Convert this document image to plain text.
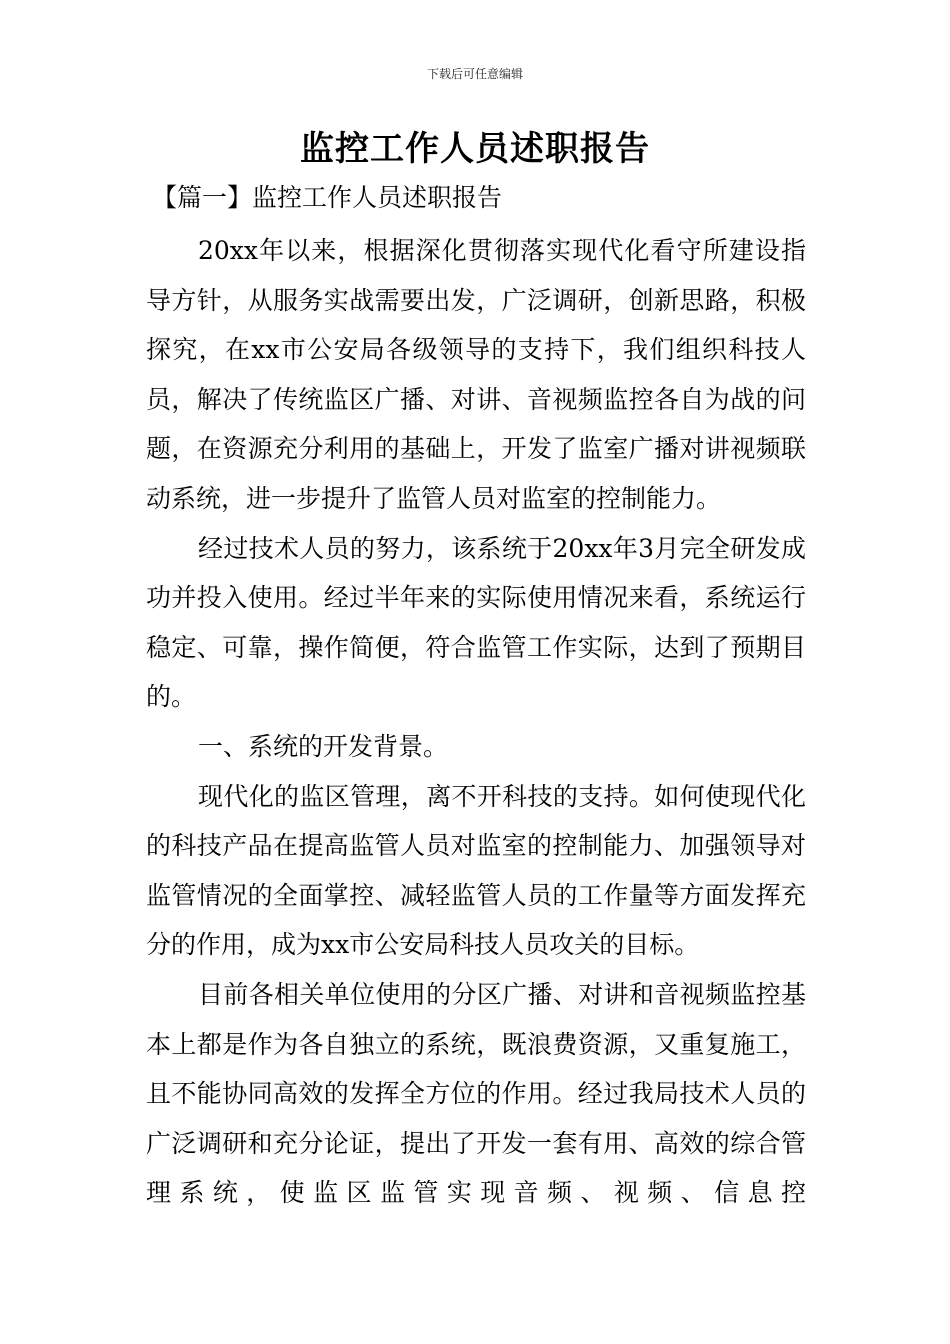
下载后可任意编辑
监控工作人员述职报告
【篇一】监控工作人员述职报告

20xx年以来，根据深化贯彻落实现代化看守所建设指导方针，从服务实战需要出发，广泛调研，创新思路，积极探究，在xx市公安局各级领导的支持下，我们组织科技人员，解决了传统监区广播、对讲、音视频监控各自为战的问题，在资源充分利用的基础上，开发了监室广播对讲视频联动系统，进一步提升了监管人员对监室的控制能力。

经过技术人员的努力，该系统于20xx年3月完全研发成功并投入使用。经过半年来的实际使用情况来看，系统运行稳定、可靠，操作简便，符合监管工作实际，达到了预期目的。

一、系统的开发背景。

现代化的监区管理，离不开科技的支持。如何使现代化的科技产品在提高监管人员对监室的控制能力、加强领导对监管情况的全面掌控、减轻监管人员的工作量等方面发挥充分的作用，成为xx市公安局科技人员攻关的目标。

目前各相关单位使用的分区广播、对讲和音视频监控基本上都是作为各自独立的系统，既浪费资源，又重复施工，且不能协同高效的发挥全方位的作用。经过我局技术人员的广泛调研和充分论证，提出了开发一套有用、高效的综合管理系统，使监区监管实现音频、视频、信息控
